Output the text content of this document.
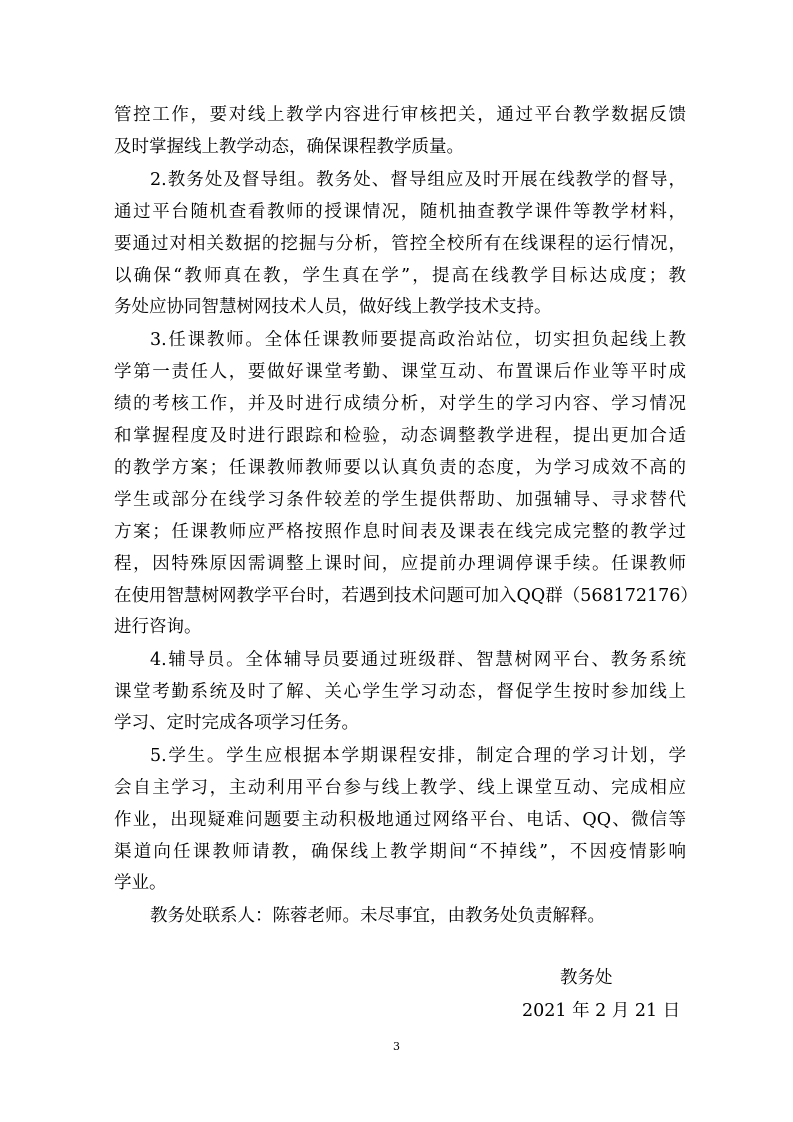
管控工作，要对线上教学内容进行审核把关，通过平台教学数据反馈
及时掌握线上教学动态，确保课程教学质量。
2.教务处及督导组。教务处、督导组应及时开展在线教学的督导，
通过平台随机查看教师的授课情况，随机抽查教学课件等教学材料，
要通过对相关数据的挖掘与分析，管控全校所有在线课程的运行情况，
以确保“教师真在教，学生真在学”，提高在线教学目标达成度；教
务处应协同智慧树网技术人员，做好线上教学技术支持。
3.任课教师。全体任课教师要提高政治站位，切实担负起线上教
学第一责任人，要做好课堂考勤、课堂互动、布置课后作业等平时成
绩的考核工作，并及时进行成绩分析，对学生的学习内容、学习情况
和掌握程度及时进行跟踪和检验，动态调整教学进程，提出更加合适
的教学方案；任课教师教师要以认真负责的态度，为学习成效不高的
学生或部分在线学习条件较差的学生提供帮助、加强辅导、寻求替代
方案；任课教师应严格按照作息时间表及课表在线完成完整的教学过
程，因特殊原因需调整上课时间，应提前办理调停课手续。任课教师
在使用智慧树网教学平台时，若遇到技术问题可加入QQ群（568172176）
进行咨询。
4.辅导员。全体辅导员要通过班级群、智慧树网平台、教务系统
课堂考勤系统及时了解、关心学生学习动态，督促学生按时参加线上
学习、定时完成各项学习任务。
5.学生。学生应根据本学期课程安排，制定合理的学习计划，学
会自主学习，主动利用平台参与线上教学、线上课堂互动、完成相应
作业，出现疑难问题要主动积极地通过网络平台、电话、QQ、微信等
渠道向任课教师请教，确保线上教学期间“不掉线”，不因疫情影响
学业。
教务处联系人：陈蓉老师。未尽事宜，由教务处负责解释。
教务处
2021 年 2 月 21 日
3
